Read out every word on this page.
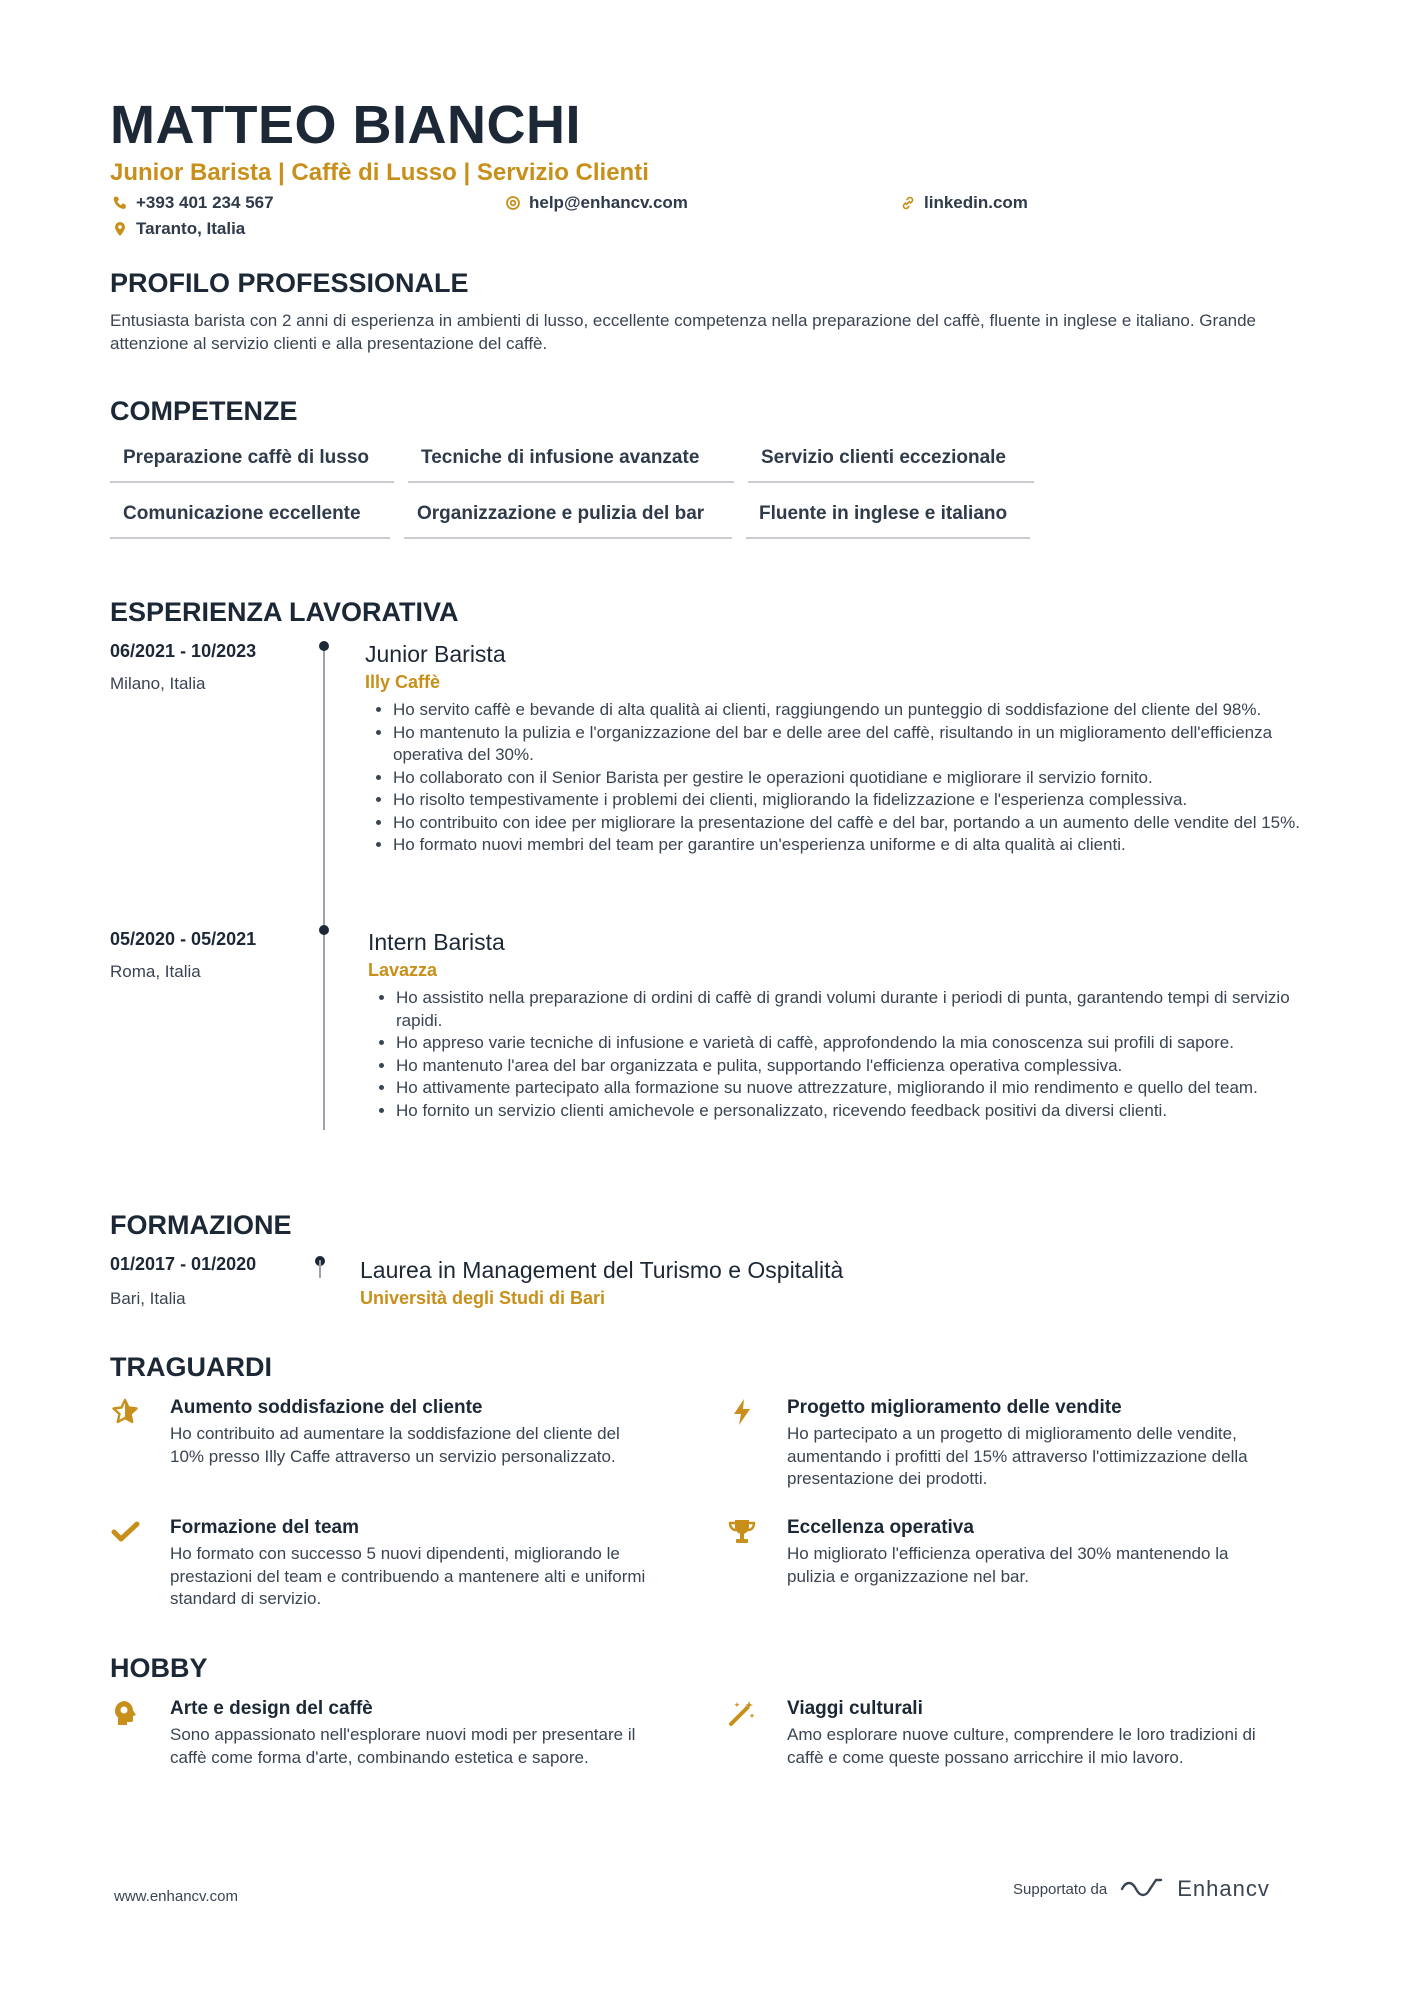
MATTEO BIANCHI
Junior Barista | Caffè di Lusso | Servizio Clienti
+393 401 234 567	help@enhancv.com	linkedin.com
Taranto, Italia
PROFILO PROFESSIONALE

Entusiasta barista con 2 anni di esperienza in ambienti di lusso, eccellente competenza nella preparazione del caffè, fluente in inglese e italiano. Grande attenzione al servizio clienti e alla presentazione del caffè.

COMPETENZE
Preparazione caffè di lusso	Tecniche di infusione avanzate	Servizio clienti eccezionale
Comunicazione eccellente	Organizzazione e pulizia del bar	Fluente in inglese e italiano
ESPERIENZA LAVORATIVA
06/2021 - 10/2023
Milano, Italia
Junior Barista
Illy Caffè
• Ho servito caffè e bevande di alta qualità ai clienti, raggiungendo un punteggio di soddisfazione del cliente del 98%.
• Ho mantenuto la pulizia e l'organizzazione del bar e delle aree del caffè, risultando in un miglioramento dell'efficienza operativa del 30%.
• Ho collaborato con il Senior Barista per gestire le operazioni quotidiane e migliorare il servizio fornito.
• Ho risolto tempestivamente i problemi dei clienti, migliorando la fidelizzazione e l'esperienza complessiva.
• Ho contribuito con idee per migliorare la presentazione del caffè e del bar, portando a un aumento delle vendite del 15%.
• Ho formato nuovi membri del team per garantire un'esperienza uniforme e di alta qualità ai clienti.
05/2020 - 05/2021
Roma, Italia
Intern Barista
Lavazza
• Ho assistito nella preparazione di ordini di caffè di grandi volumi durante i periodi di punta, garantendo tempi di servizio rapidi.
• Ho appreso varie tecniche di infusione e varietà di caffè, approfondendo la mia conoscenza sui profili di sapore.
• Ho mantenuto l'area del bar organizzata e pulita, supportando l'efficienza operativa complessiva.
• Ho attivamente partecipato alla formazione su nuove attrezzature, migliorando il mio rendimento e quello del team.
• Ho fornito un servizio clienti amichevole e personalizzato, ricevendo feedback positivi da diversi clienti.
FORMAZIONE
01/2017 - 01/2020
Bari, Italia
Laurea in Management del Turismo e Ospitalità
Università degli Studi di Bari
TRAGUARDI
Aumento soddisfazione del cliente
Ho contribuito ad aumentare la soddisfazione del cliente del 10% presso Illy Caffe attraverso un servizio personalizzato.
Progetto miglioramento delle vendite
Ho partecipato a un progetto di miglioramento delle vendite, aumentando i profitti del 15% attraverso l'ottimizzazione della presentazione dei prodotti.
Formazione del team
Ho formato con successo 5 nuovi dipendenti, migliorando le prestazioni del team e contribuendo a mantenere alti e uniformi standard di servizio.
Eccellenza operativa
Ho migliorato l'efficienza operativa del 30% mantenendo la pulizia e organizzazione nel bar.
HOBBY
Arte e design del caffè
Sono appassionato nell'esplorare nuovi modi per presentare il caffè come forma d'arte, combinando estetica e sapore.
Viaggi culturali
Amo esplorare nuove culture, comprendere le loro tradizioni di caffè e come queste possano arricchire il mio lavoro.
www.enhancv.com	Supportato da	Enhancv
